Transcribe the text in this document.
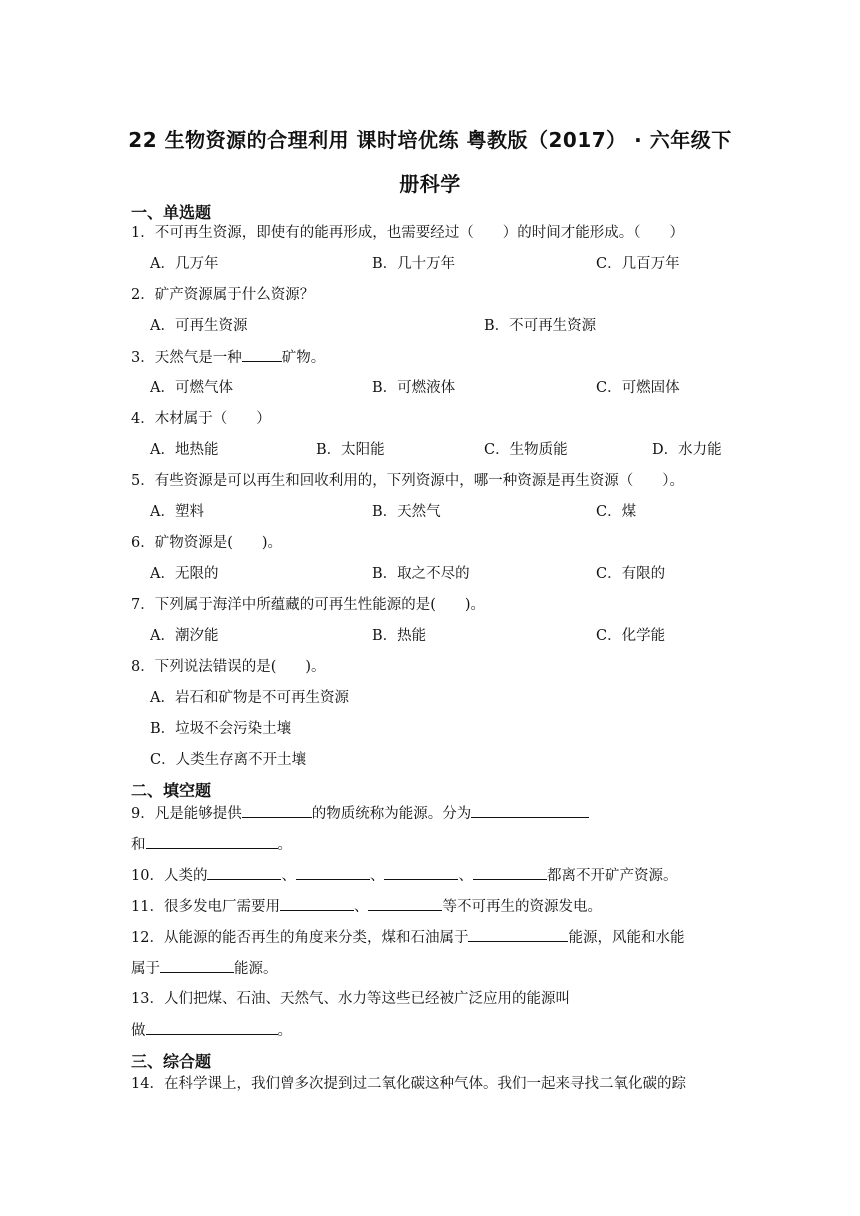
22 生物资源的合理利用 课时培优练 粤教版（2017） · 六年级下
册科学
一、单选题
1．不可再生资源，即使有的能再形成，也需要经过（　　）的时间才能形成。（　　）
A．几万年	B．几十万年	C．几百万年
2．矿产资源属于什么资源？
A．可再生资源	B．不可再生资源
3．天然气是一种	矿物。
A．可燃气体	B．可燃液体	C．可燃固体
4．木材属于（　　）
A．地热能	B．太阳能	C．生物质能	D．水力能
5．有些资源是可以再生和回收利用的，下列资源中，哪一种资源是再生资源（　　）。
A．塑料	B．天然气	C．煤
6．矿物资源是(　　)。
A．无限的	B．取之不尽的	C．有限的
7．下列属于海洋中所蕴藏的可再生性能源的是(　　)。
A．潮汐能	B．热能	C．化学能
8．下列说法错误的是(　　)。
A．岩石和矿物是不可再生资源
B．垃圾不会污染土壤
C．人类生存离不开土壤
二、填空题
9．凡是能够提供	的物质统称为能源。分为
和	。
10．人类的	、	、	、	都离不开矿产资源。
11．很多发电厂需要用	、	等不可再生的资源发电。
12．从能源的能否再生的角度来分类，煤和石油属于	能源，风能和水能
属于	能源。
13．人们把煤、石油、天然气、水力等这些已经被广泛应用的能源叫
做	。
三、综合题
14．在科学课上，我们曾多次提到过二氧化碳这种气体。我们一起来寻找二氧化碳的踪
